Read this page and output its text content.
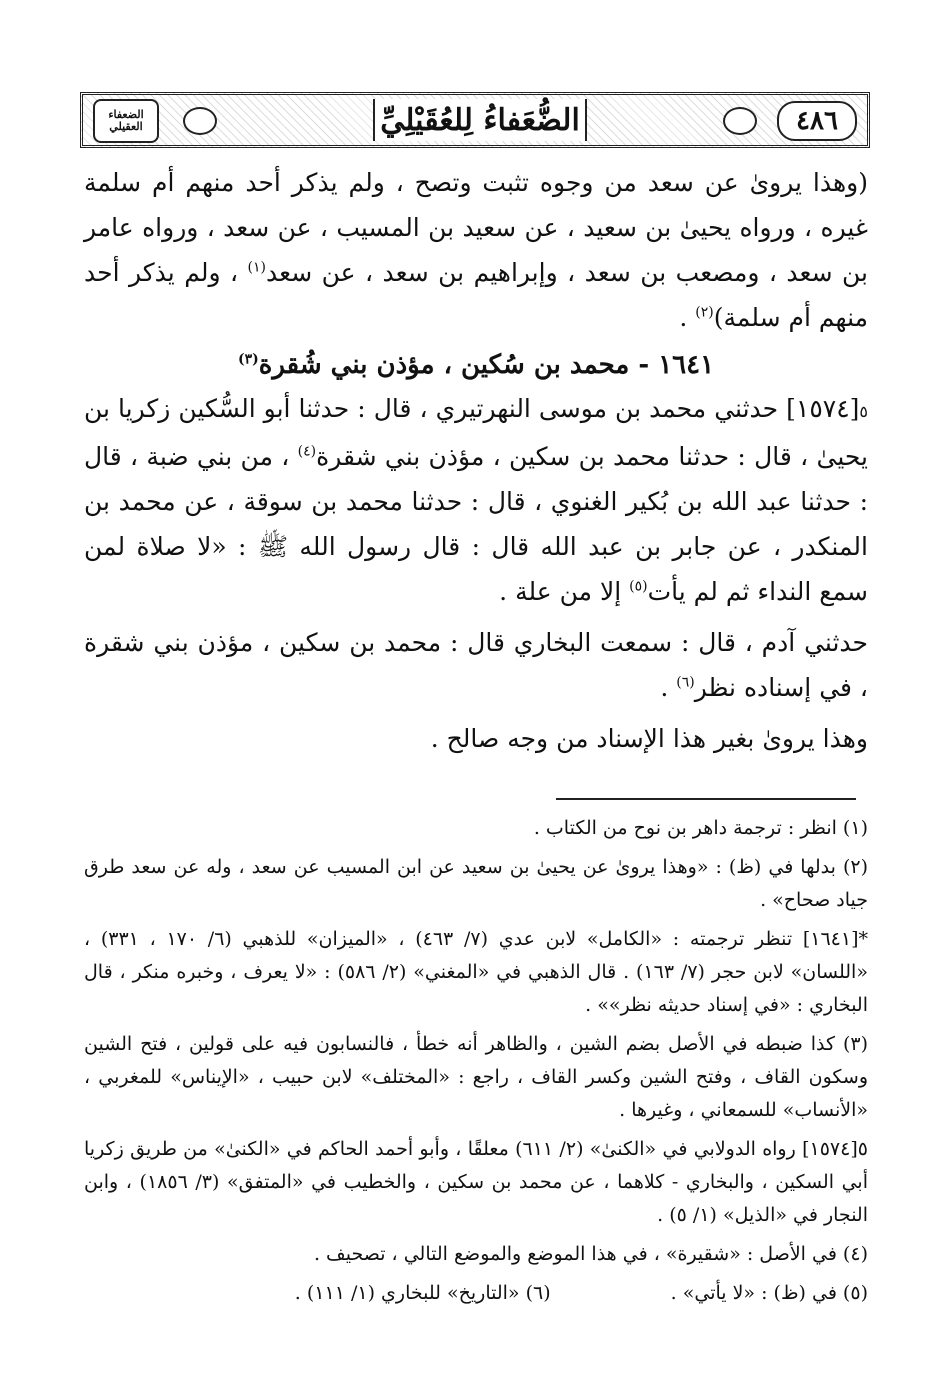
٤٨٦
الضُّعَفاءُ لِلعُقَيْلِيِّ
الضعفاء العقيلي

(وهذا يروىٰ عن سعد من وجوه تثبت وتصح ، ولم يذكر أحد منهم أم سلمة غيره ، ورواه يحيىٰ بن سعيد ، عن سعيد بن المسيب ، عن سعد ، ورواه عامر بن سعد ، ومصعب بن سعد ، وإبراهيم بن سعد ، عن سعد$^{(١)}$ ، ولم يذكر أحد منهم أم سلمة)$^{(٢)}$ .

١٦٤١ - محمد بن سُكين ، مؤذن بني شُقرة$^{(٣)}$

٥[١٥٧٤] حدثني محمد بن موسى النهرتيري ، قال : حدثنا أبو السُّكين زكريا بن يحيىٰ ، قال : حدثنا محمد بن سكين ، مؤذن بني شقرة$^{(٤)}$ ، من بني ضبة ، قال : حدثنا عبد الله بن بُكير الغنوي ، قال : حدثنا محمد بن سوقة ، عن محمد بن المنكدر ، عن جابر بن عبد الله قال : قال رسول الله ﷺ : «لا صلاة لمن سمع النداء ثم لم يأت$^{(٥)}$ إلا من علة .

حدثني آدم ، قال : سمعت البخاري قال : محمد بن سكين ، مؤذن بني شقرة ، في إسناده نظر$^{(٦)}$ .

وهذا يروىٰ بغير هذا الإسناد من وجه صالح .

(١) انظر : ترجمة داهر بن نوح من الكتاب .

(٢) بدلها في (ظ) : «وهذا يروىٰ عن يحيىٰ بن سعيد عن ابن المسيب عن سعد ، وله عن سعد طرق جياد صحاح» .

*[١٦٤١] تنظر ترجمته : «الكامل» لابن عدي (٧/ ٤٦٣) ، «الميزان» للذهبي (٦/ ١٧٠ ، ٣٣١) ، «اللسان» لابن حجر (٧/ ١٦٣) . قال الذهبي في «المغني» (٢/ ٥٨٦) : «لا يعرف ، وخبره منكر ، قال البخاري : «في إسناد حديثه نظر»» .

(٣) كذا ضبطه في الأصل بضم الشين ، والظاهر أنه خطأ ، فالنسابون فيه على قولين ، فتح الشين وسكون القاف ، وفتح الشين وكسر القاف ، راجع : «المختلف» لابن حبيب ، «الإيناس» للمغربي ، «الأنساب» للسمعاني ، وغيرها .

٥[١٥٧٤] رواه الدولابي في «الكنىٰ» (٢/ ٦١١) معلقًا ، وأبو أحمد الحاكم في «الكنىٰ» من طريق زكريا أبي السكين ، والبخاري - كلاهما ، عن محمد بن سكين ، والخطيب في «المتفق» (٣/ ١٨٥٦) ، وابن النجار في «الذيل» (١/ ٥) .

(٤) في الأصل : «شقيرة» ، في هذا الموضع والموضع التالي ، تصحيف .

(٥) في (ظ) : «لا يأتي» .
(٦) «التاريخ» للبخاري (١/ ١١١) .
